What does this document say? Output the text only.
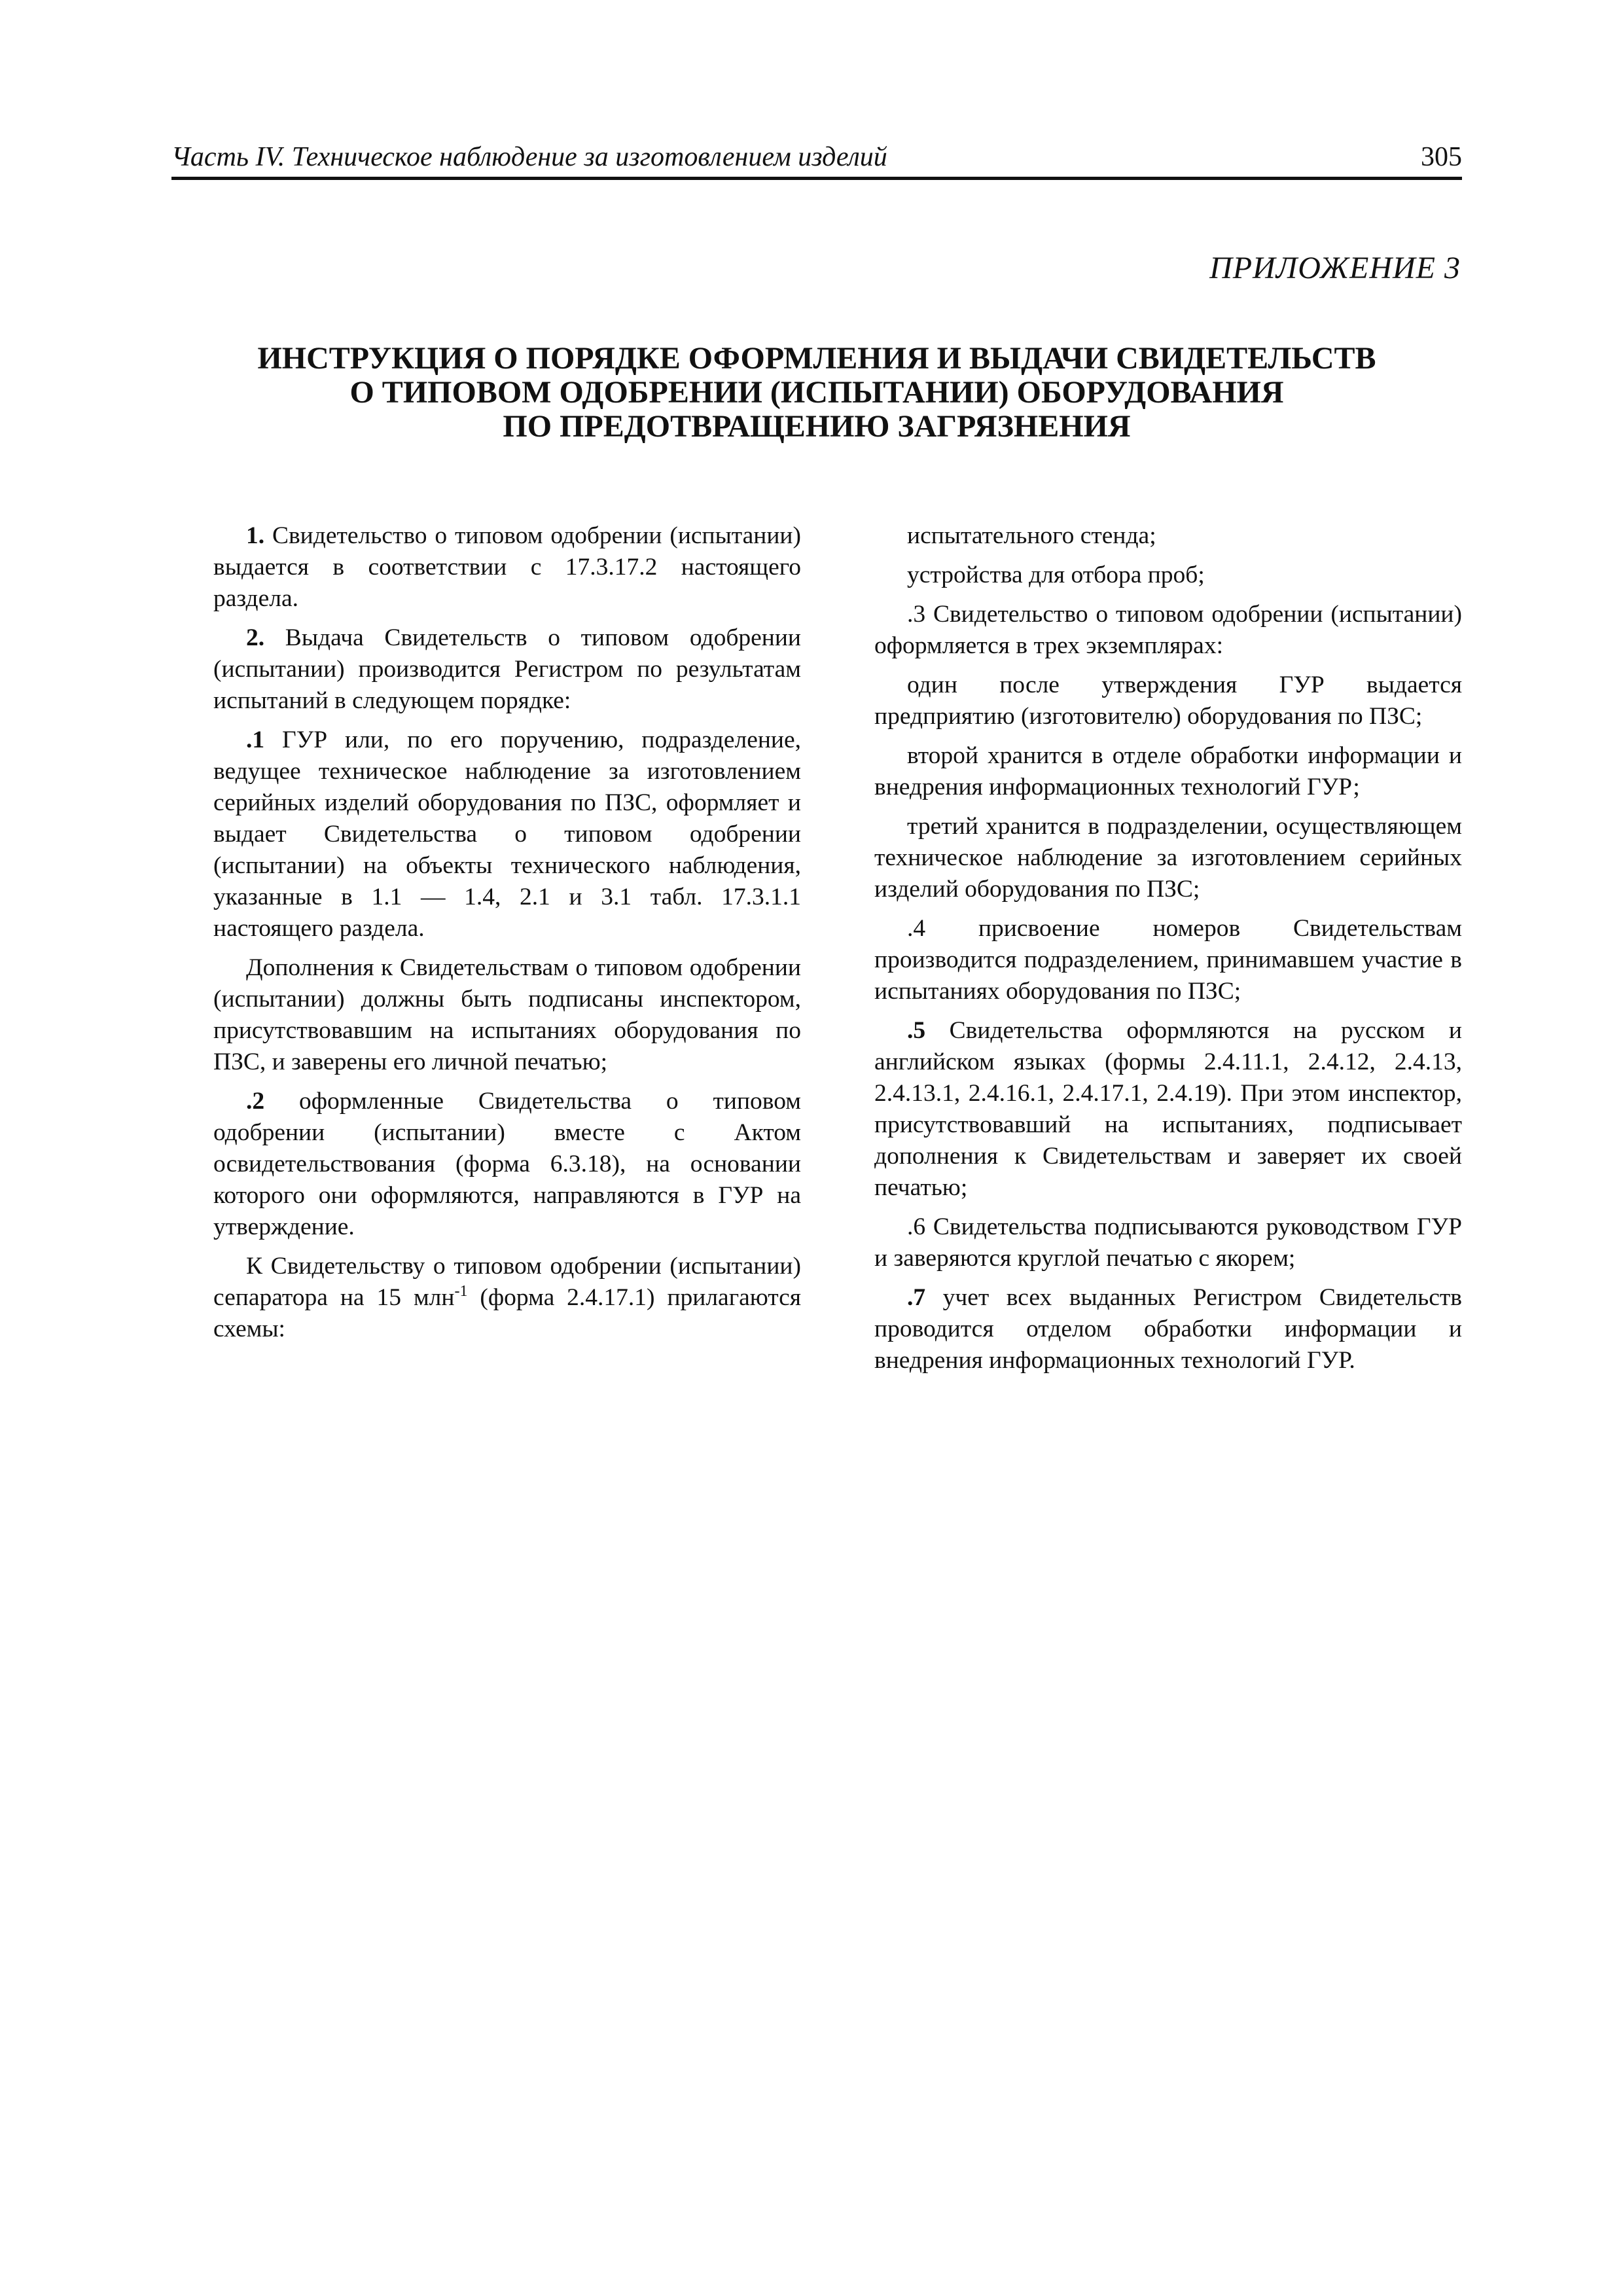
Часть IV. Техническое наблюдение за изготовлением изделий	305
ПРИЛОЖЕНИЕ 3
ИНСТРУКЦИЯ О ПОРЯДКЕ ОФОРМЛЕНИЯ И ВЫДАЧИ СВИДЕТЕЛЬСТВ
О ТИПОВОМ ОДОБРЕНИИ (ИСПЫТАНИИ) ОБОРУДОВАНИЯ
ПО ПРЕДОТВРАЩЕНИЮ ЗАГРЯЗНЕНИЯ

1. Свидетельство о типовом одобрении (испытании) выдается в соответствии с 17.3.17.2 настоящего раздела.

2. Выдача Свидетельств о типовом одобрении (испытании) производится Регистром по результатам испытаний в следующем порядке:

.1 ГУР или, по его поручению, подразделение, ведущее техническое наблюдение за изготовлением серийных изделий оборудования по ПЗС, оформляет и выдает Свидетельства о типовом одобрении (испытании) на объекты технического наблюдения, указанные в 1.1 — 1.4, 2.1 и 3.1 табл. 17.3.1.1 настоящего раздела.

Дополнения к Свидетельствам о типовом одобрении (испытании) должны быть подписаны инспектором, присутствовавшим на испытаниях оборудования по ПЗС, и заверены его личной печатью;

.2 оформленные Свидетельства о типовом одобрении (испытании) вместе с Актом освидетельствования (форма 6.3.18), на основании которого они оформляются, направляются в ГУР на утверждение.

К Свидетельству о типовом одобрении (испытании) сепаратора на 15 млн$^{-1}$ (форма 2.4.17.1) прилагаются схемы:

испытательного стенда;

устройства для отбора проб;

.3 Свидетельство о типовом одобрении (испытании) оформляется в трех экземплярах:

один после утверждения ГУР выдается предприятию (изготовителю) оборудования по ПЗС;

второй хранится в отделе обработки информации и внедрения информационных технологий ГУР;

третий хранится в подразделении, осуществляющем техническое наблюдение за изготовлением серийных изделий оборудования по ПЗС;

.4 присвоение номеров Свидетельствам производится подразделением, принимавшем участие в испытаниях оборудования по ПЗС;

.5 Свидетельства оформляются на русском и английском языках (формы 2.4.11.1, 2.4.12, 2.4.13, 2.4.13.1, 2.4.16.1, 2.4.17.1, 2.4.19). При этом инспектор, присутствовавший на испытаниях, подписывает дополнения к Свидетельствам и заверяет их своей печатью;

.6 Свидетельства подписываются руководством ГУР и заверяются круглой печатью с якорем;

.7 учет всех выданных Регистром Свидетельств проводится отделом обработки информации и внедрения информационных технологий ГУР.
